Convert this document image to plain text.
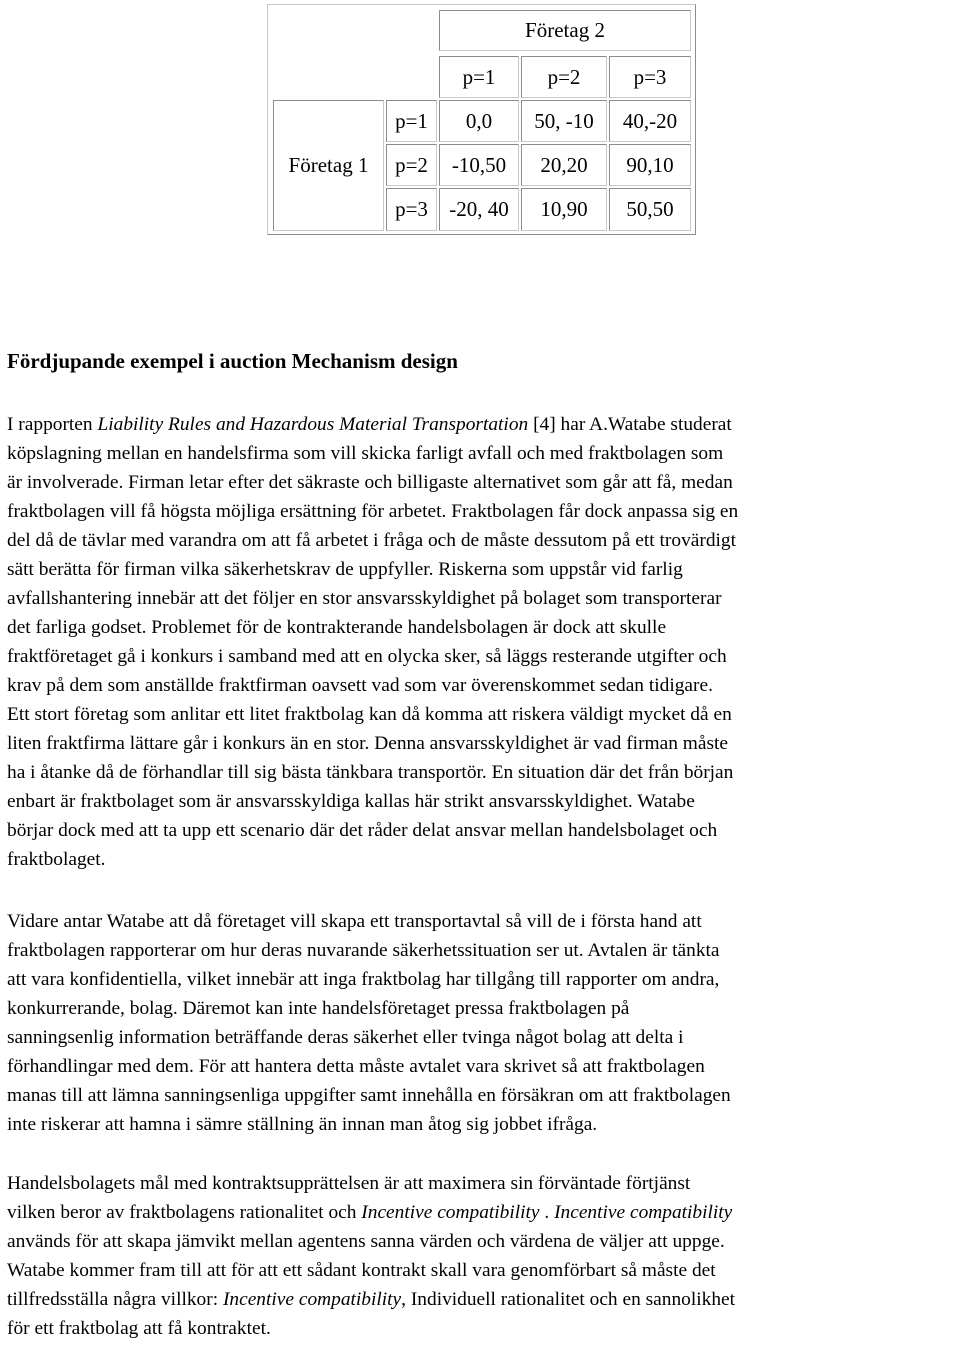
Företag 2
p=1	p=2	p=3
Företag 1
p=1	0,0	50, -10	40,-20
p=2	-10,50	20,20	90,10
p=3	-20, 40	10,90	50,50
Fördjupande exempel i auction Mechanism design

I rapporten Liability Rules and Hazardous Material Transportation [4] har A.Watabe studerat
köpslagning mellan en handelsfirma som vill skicka farligt avfall och med fraktbolagen som
är involverade. Firman letar efter det säkraste och billigaste alternativet som går att få, medan
fraktbolagen vill få högsta möjliga ersättning för arbetet. Fraktbolagen får dock anpassa sig en
del då de tävlar med varandra om att få arbetet i fråga och de måste dessutom på ett trovärdigt
sätt berätta för firman vilka säkerhetskrav de uppfyller. Riskerna som uppstår vid farlig
avfallshantering innebär att det följer en stor ansvarsskyldighet på bolaget som transporterar
det farliga godset. Problemet för de kontrakterande handelsbolagen är dock att skulle
fraktföretaget gå i konkurs i samband med att en olycka sker, så läggs resterande utgifter och
krav på dem som anställde fraktfirman oavsett vad som var överenskommet sedan tidigare.
Ett stort företag som anlitar ett litet fraktbolag kan då komma att riskera väldigt mycket då en
liten fraktfirma lättare går i konkurs än en stor. Denna ansvarsskyldighet är vad firman måste
ha i åtanke då de förhandlar till sig bästa tänkbara transportör. En situation där det från början
enbart är fraktbolaget som är ansvarsskyldiga kallas här strikt ansvarsskyldighet. Watabe
börjar dock med att ta upp ett scenario där det råder delat ansvar mellan handelsbolaget och
fraktbolaget.

Vidare antar Watabe att då företaget vill skapa ett transportavtal så vill de i första hand att
fraktbolagen rapporterar om hur deras nuvarande säkerhetssituation ser ut. Avtalen är tänkta
att vara konfidentiella, vilket innebär att inga fraktbolag har tillgång till rapporter om andra,
konkurrerande, bolag. Däremot kan inte handelsföretaget pressa fraktbolagen på
sanningsenlig information beträffande deras säkerhet eller tvinga något bolag att delta i
förhandlingar med dem. För att hantera detta måste avtalet vara skrivet så att fraktbolagen
manas till att lämna sanningsenliga uppgifter samt innehålla en försäkran om att fraktbolagen
inte riskerar att hamna i sämre ställning än innan man åtog sig jobbet ifråga.

Handelsbolagets mål med kontraktsupprättelsen är att maximera sin förväntade förtjänst
vilken beror av fraktbolagens rationalitet och Incentive compatibility . Incentive compatibility
används för att skapa jämvikt mellan agentens sanna värden och värdena de väljer att uppge.
Watabe kommer fram till att för att ett sådant kontrakt skall vara genomförbart så måste det
tillfredsställa några villkor: Incentive compatibility, Individuell rationalitet och en sannolikhet
för ett fraktbolag att få kontraktet.
